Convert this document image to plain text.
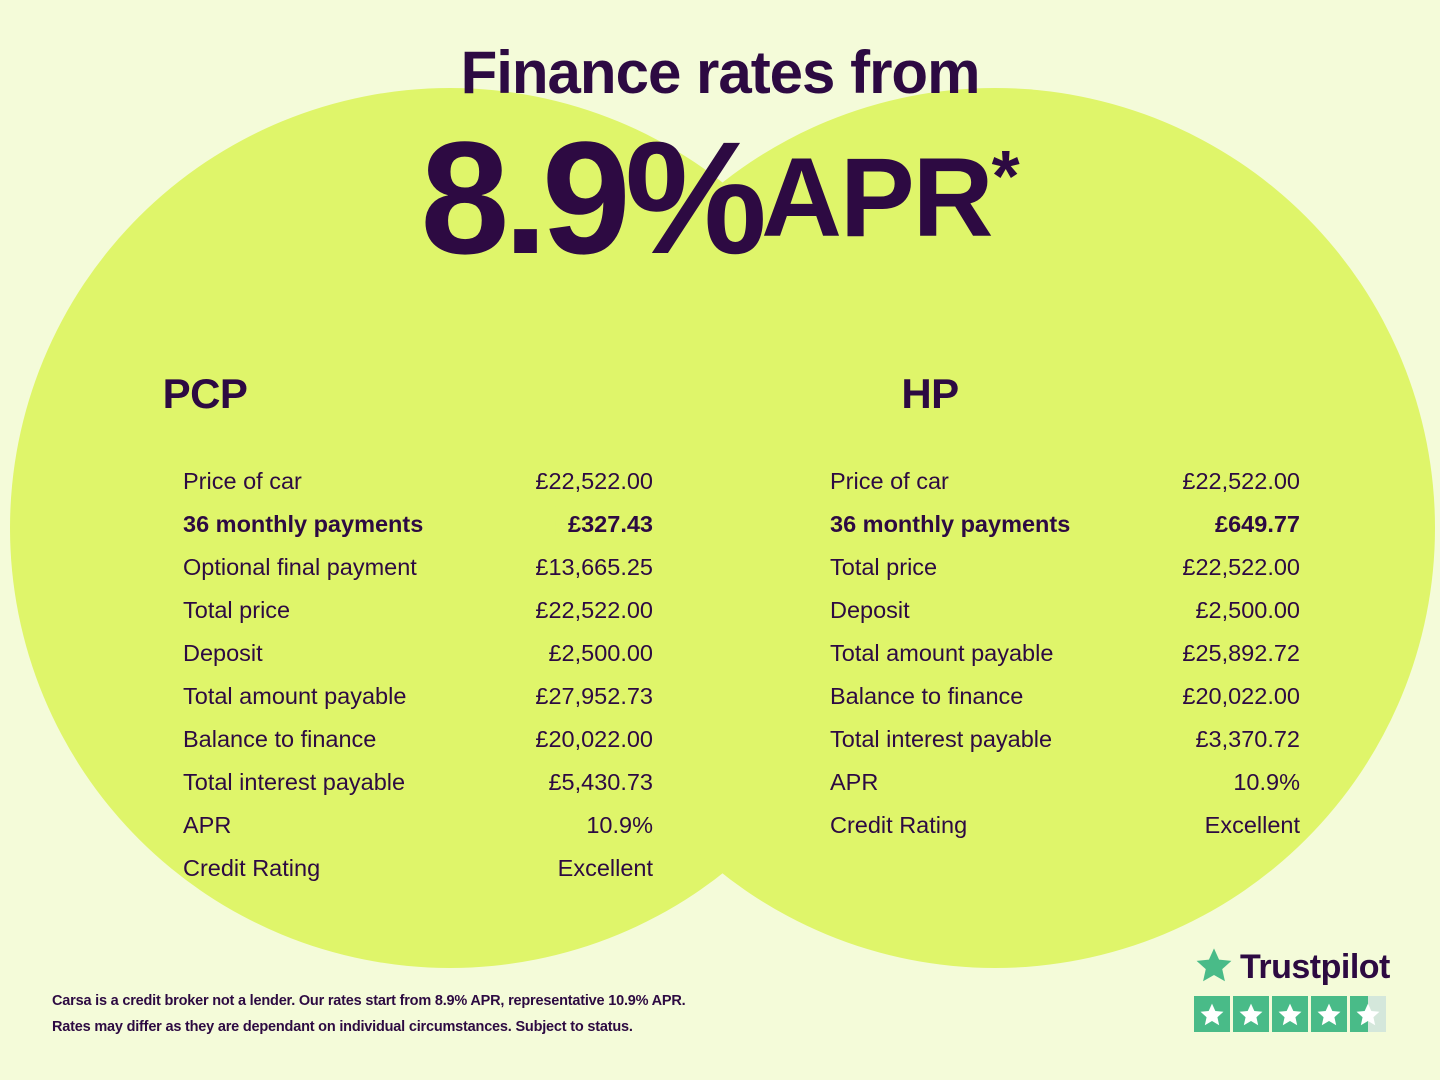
Finance rates from
8.9%APR*
PCP
Price of car	£22,522.00
36 monthly payments	£327.43
Optional final payment	£13,665.25
Total price	£22,522.00
Deposit	£2,500.00
Total amount payable	£27,952.73
Balance to finance	£20,022.00
Total interest payable	£5,430.73
APR	10.9%
Credit Rating	Excellent
HP
Price of car	£22,522.00
36 monthly payments	£649.77
Total price	£22,522.00
Deposit	£2,500.00
Total amount payable	£25,892.72
Balance to finance	£20,022.00
Total interest payable	£3,370.72
APR	10.9%
Credit Rating	Excellent
Carsa is a credit broker not a lender. Our rates start from 8.9% APR, representative 10.9% APR.
Rates may differ as they are dependant on individual circumstances. Subject to status.
Trustpilot
